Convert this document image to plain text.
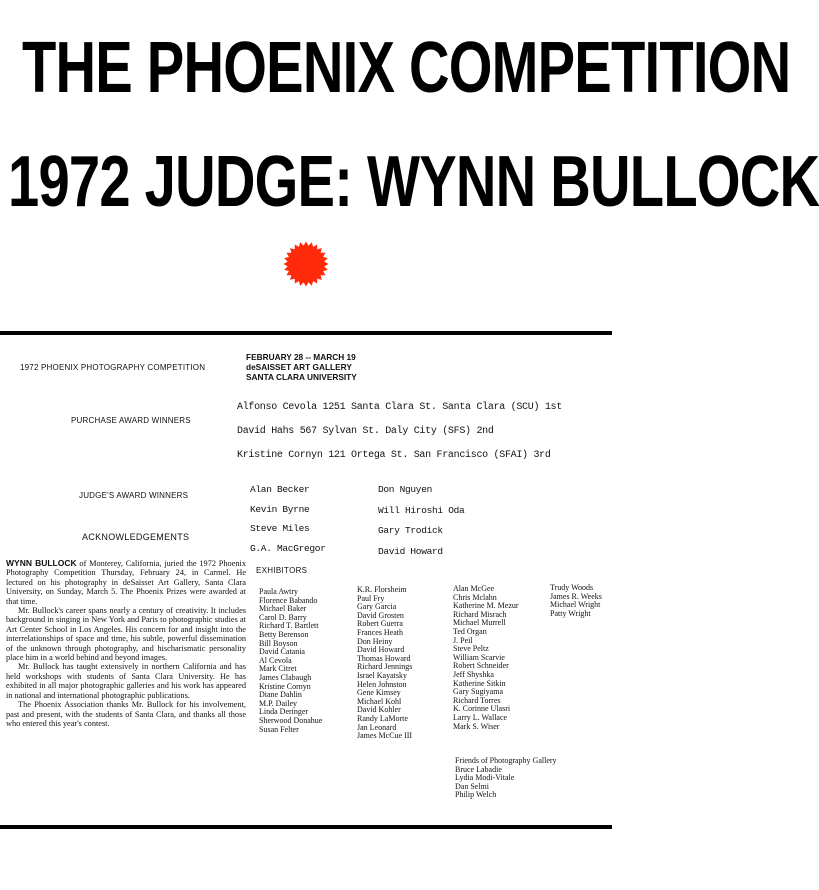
THE PHOENIX COMPETITION
1972 JUDGE: WYNN BULLOCK
1972 PHOENIX PHOTOGRAPHY COMPETITION
FEBRUARY 28 -- MARCH 19
deSAISSET ART GALLERY
SANTA CLARA UNIVERSITY
PURCHASE AWARD WINNERS
Alfonso Cevola 1251 Santa Clara St. Santa Clara (SCU) 1st
David Hahs 567 Sylvan St. Daly City (SFS) 2nd
Kristine Cornyn 121 Ortega St. San Francisco (SFAI) 3rd
JUDGE'S AWARD WINNERS
Alan Becker
Kevin Byrne
Steve Miles
G.A. MacGregor
Don Nguyen
Will Hiroshi Oda
Gary Trodick
David Howard
ACKNOWLEDGEMENTS

WYNN BULLOCK of Monterey, California, juried the 1972 Phoenix Photography Competition Thursday, February 24, in Carmel. He lectured on his photography in deSaisset Art Gallery, Santa Clara University, on Sunday, March 5. The Phoenix Prizes were awarded at that time.

Mr. Bullock's career spans nearly a century of creativity. It includes background in singing in New York and Paris to photographic studies at Art Center School in Los Angeles. His concern for and insight into the interrelationships of space and time, his subtle, powerful dissemination of the unknown through photography, and hischarismatic personality place him in a world behind and beyond images.

Mr. Bullock has taught extensively in northern California and has held workshops with students of Santa Clara University. He has exhibited in all major photographic galleries and his work has appeared in national and international photographic publications.

The Phoenix Association thanks Mr. Bullock for his involvement, past and present, with the students of Santa Clara, and thanks all those who entered this year's contest.

EXHIBITORS
Paula Awtry
Florence Babando
Michael Baker
Carol D. Barry
Richard T. Bartlett
Betty Berenson
Bill Boyson
David Catania
Al Cevola
Mark Citret
James Clabaugh
Kristine Cornyn
Diane Dahlin
M.P. Dailey
Linda Deringer
Sherwood Donahue
Susan Felter
K.R. Florsheim
Paul Fry
Gary Garcia
David Grosten
Robert Guerra
Frances Heath
Don Heiny
David Howard
Thomas Howard
Richard Jennings
Israel Kayatsky
Helen Johnston
Gene Kimsey
Michael Kohl
David Kohler
Randy LaMorte
Jan Leonard
James McCue III
Alan McGee
Chris Mclahn
Katherine M. Mezur
Richard Misrach
Michael Murrell
Ted Organ
J. Peil
Steve Peltz
William Scarvie
Robert Schneider
Jeff Shyshka
Katherine Sitkin
Gary Sugiyama
Richard Torres
K. Corinne Ulasri
Larry L. Wallace
Mark S. Wiser
Trudy Woods
James R. Weeks
Michael Wright
Patty Wright
Friends of Photography Gallery
Bruce Labadie
Lydia Modi-Vitale
Dan Selmi
Philip Welch
